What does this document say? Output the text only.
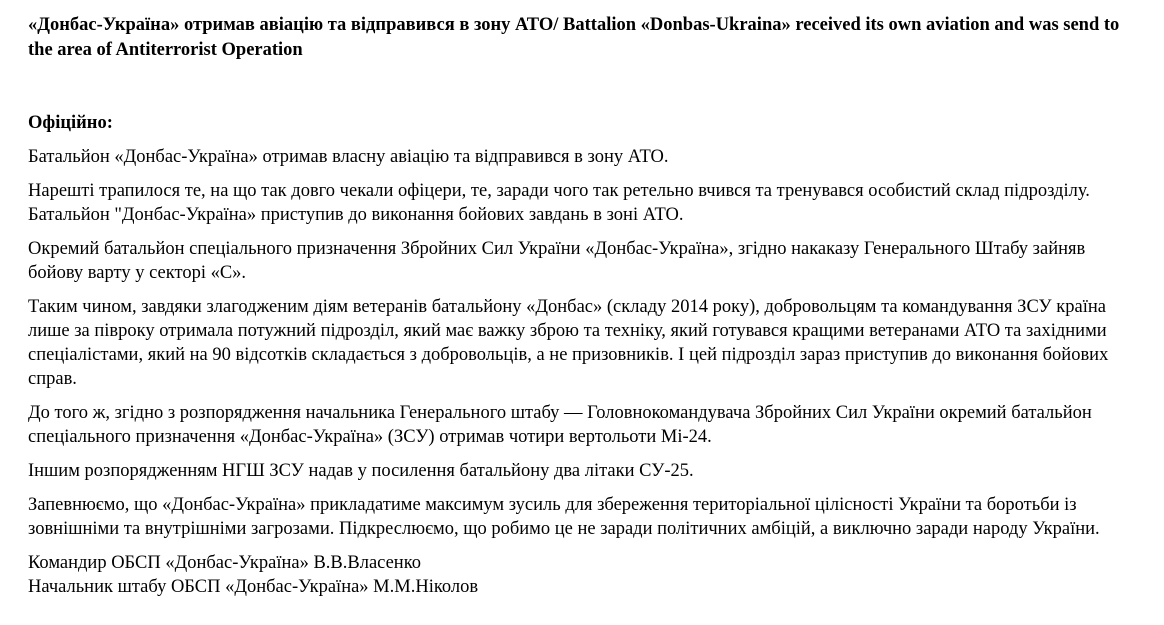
«Донбас-Україна» отримав авіацію та відправився в зону АТО/ Battalion «Donbas-Ukraina» received its own aviation and was send to the area of Antiterrorist Operation

Офіційно:

Батальйон «Донбас-Україна» отримав власну авіацію та відправився в зону АТО.

Нарешті трапилося те, на що так довго чекали офіцери, те, заради чого так ретельно вчився та тренувався особистий склад підрозділу. Батальйон "Донбас-Україна» приступив до виконання бойових завдань в зоні АТО.

Окремий батальйон спеціального призначення Збройних Сил України «Донбас-Україна», згідно накаказу Генерального Штабу зайняв бойову варту у секторі «С».

Таким чином, завдяки злагодженим діям ветеранів батальйону «Донбас» (складу 2014 року), добровольцям та командування ЗСУ країна лише за півроку отримала потужний підрозділ, який має важку зброю та техніку, який готувався кращими ветеранами АТО та західними спеціалістами, який на 90 відсотків складається з добровольців, а не призовників. І цей підрозділ зараз приступив до виконання бойових справ.

До того ж, згідно з розпорядження начальника Генерального штабу — Головнокомандувача Збройних Сил України окремий батальйон спеціального призначення «Донбас-Україна» (ЗСУ) отримав чотири вертольоти Мі-24.

Іншим розпорядженням НГШ ЗСУ надав у посилення батальйону два літаки СУ-25.

Запевнюємо, що «Донбас-Україна» прикладатиме максимум зусиль для збереження територіальної цілісності України та боротьби із зовнішніми та внутрішніми загрозами. Підкреслюємо, що робимо це не заради політичних амбіцій, а виключно заради народу України.

Командир ОБСП «Донбас-Україна» В.В.Власенко
Начальник штабу ОБСП «Донбас-Україна» М.М.Ніколов
